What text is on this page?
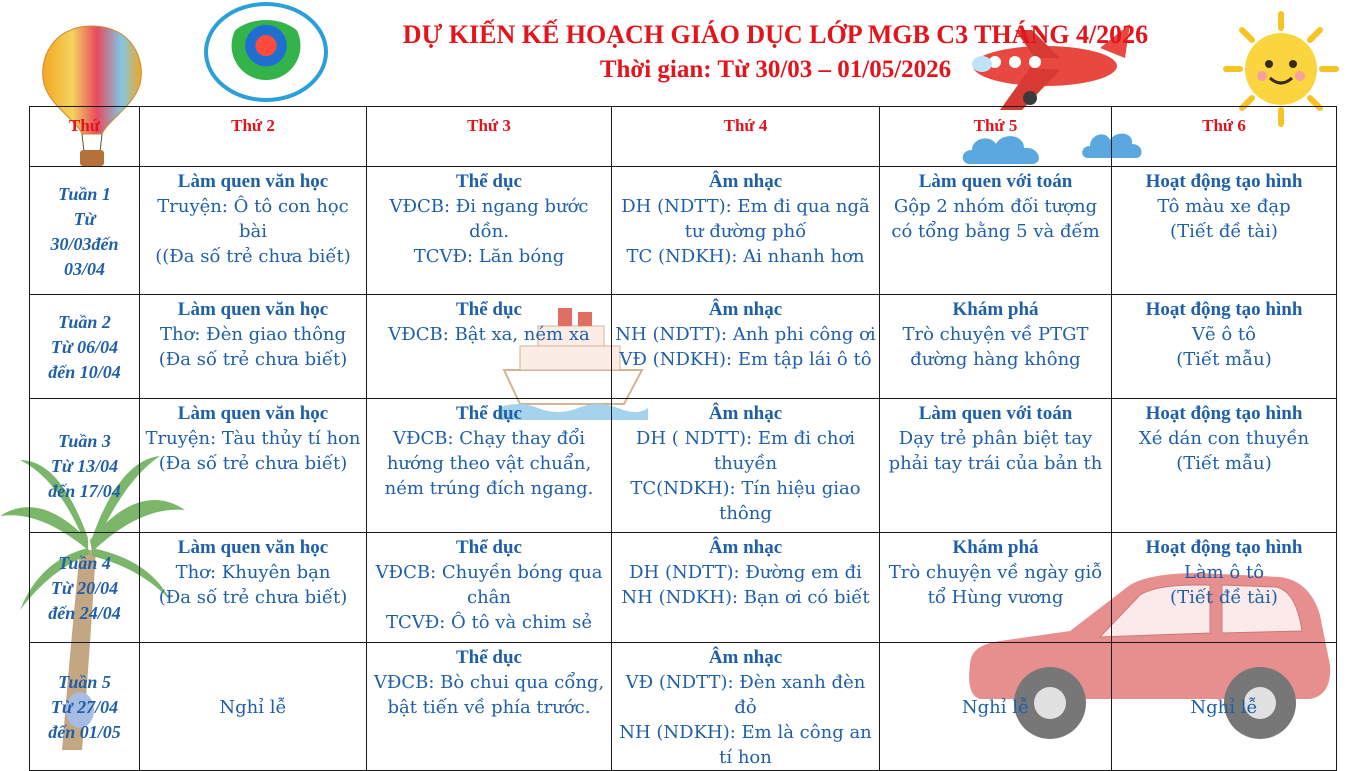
DỰ KIẾN KẾ HOẠCH GIÁO DỤC LỚP MGB C3 THÁNG 4/2026
Thời gian: Từ 30/03 – 01/05/2026
Thứ	Thứ 2	Thứ 3	Thứ 4	Thứ 5	Thứ 6

Tuần 1
Từ
30/03đến
03/04	Làm quen văn học
Truyện: Ô tô con học bài
((Đa số trẻ chưa biết)	Thể dục
VĐCB: Đi ngang bước dồn.
TCVĐ: Lăn bóng	Âm nhạc
DH (NDTT): Em đi qua ngã tư đường phố
TC (NDKH): Ai nhanh hơn	Làm quen với toán
Gộp 2 nhóm đối tượng có tổng bằng 5 và đếm	Hoạt động tạo hình
Tô màu xe đạp
(Tiết đề tài)

Tuần 2
Từ 06/04
đến 10/04	Làm quen văn học
Thơ: Đèn giao thông
(Đa số trẻ chưa biết)	Thể dục
VĐCB: Bật xa, ném xa	Âm nhạc
NH (NDTT): Anh phi công ơi
VĐ (NDKH): Em tập lái ô tô	Khám phá
Trò chuyện về PTGT đường hàng không	Hoạt động tạo hình
Vẽ ô tô
(Tiết mẫu)

Tuần 3
Từ 13/04
đến 17/04	Làm quen văn học
Truyện: Tàu thủy tí hon
(Đa số trẻ chưa biết)	Thể dục
VĐCB: Chạy thay đổi hướng theo vật chuẩn, ném trúng đích ngang.	Âm nhạc
DH ( NDTT): Em đi chơi thuyền
TC(NDKH): Tín hiệu giao thông	Làm quen với toán
Dạy trẻ phân biệt tay phải tay trái của bản th	Hoạt động tạo hình
Xé dán con thuyền
(Tiết mẫu)

Tuần 4
Từ 20/04
đến 24/04	Làm quen văn học
Thơ: Khuyên bạn
(Đa số trẻ chưa biết)	Thể dục
VĐCB: Chuyền bóng qua chân
TCVĐ: Ô tô và chim sẻ	Âm nhạc
DH (NDTT): Đường em đi
NH (NDKH): Bạn ơi có biết	Khám phá
Trò chuyện về ngày giỗ tổ Hùng vương	Hoạt động tạo hình
Làm ô tô
(Tiết đề tài)

Tuần 5
Từ 27/04
đến 01/05	Nghỉ lễ	Thể dục
VĐCB: Bò chui qua cổng, bật tiến về phía trước.	Âm nhạc
VĐ (NDTT): Đèn xanh đèn đỏ
NH (NDKH): Em là công an tí hon	Nghỉ lễ	Nghỉ lễ
